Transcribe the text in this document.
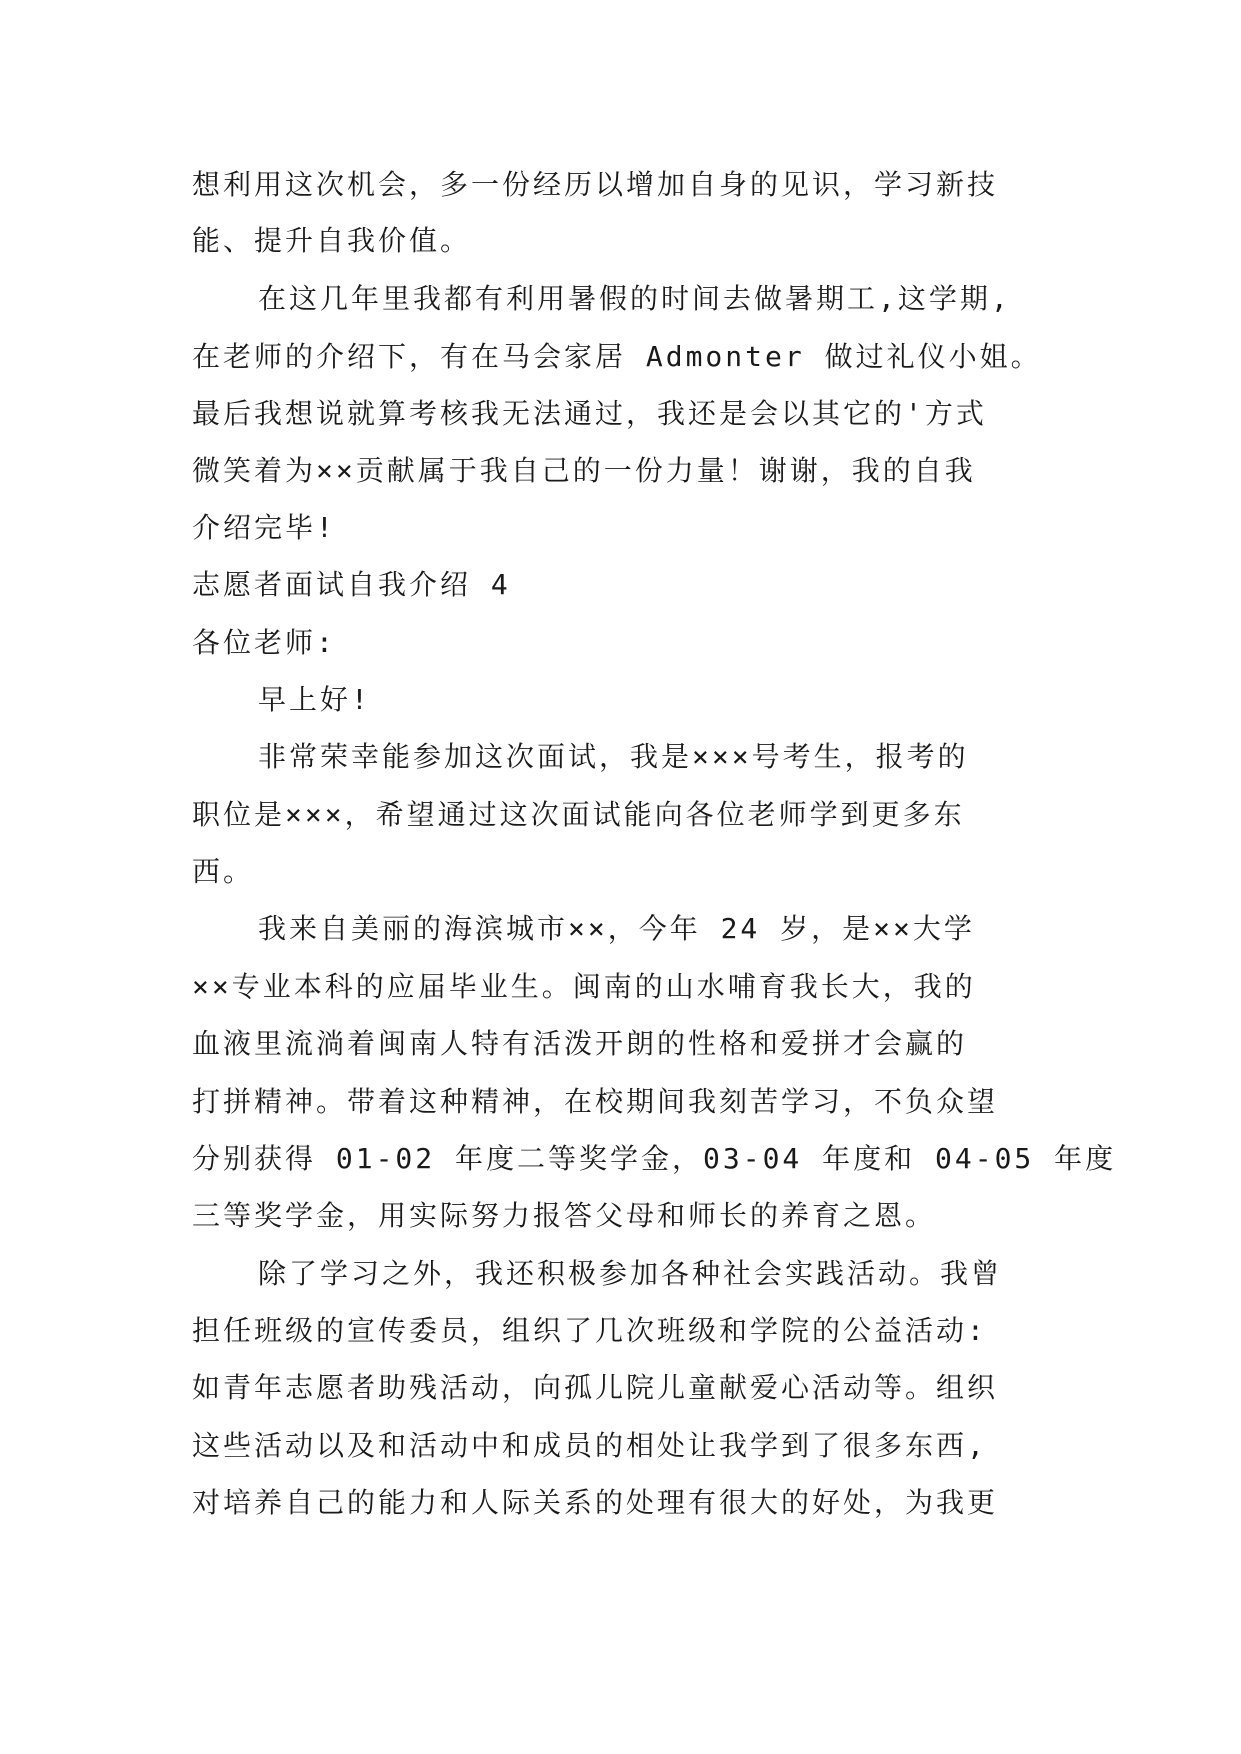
想利用这次机会，多一份经历以增加自身的见识，学习新技
能、提升自我价值。
在这几年里我都有利用暑假的时间去做暑期工,这学期,
在老师的介绍下，有在马会家居 Admonter 做过礼仪小姐。
最后我想说就算考核我无法通过，我还是会以其它的'方式
微笑着为××贡献属于我自己的一份力量！谢谢，我的自我
介绍完毕!
志愿者面试自我介绍 4
各位老师:
早上好!
非常荣幸能参加这次面试，我是×××号考生，报考的
职位是×××，希望通过这次面试能向各位老师学到更多东
西。
我来自美丽的海滨城市××，今年 24 岁，是××大学
××专业本科的应届毕业生。闽南的山水哺育我长大，我的
血液里流淌着闽南人特有活泼开朗的性格和爱拼才会赢的
打拼精神。带着这种精神，在校期间我刻苦学习，不负众望
分别获得 01-02 年度二等奖学金，03-04 年度和 04-05 年度
三等奖学金，用实际努力报答父母和师长的养育之恩。
除了学习之外，我还积极参加各种社会实践活动。我曾
担任班级的宣传委员，组织了几次班级和学院的公益活动:
如青年志愿者助残活动，向孤儿院儿童献爱心活动等。组织
这些活动以及和活动中和成员的相处让我学到了很多东西,
对培养自己的能力和人际关系的处理有很大的好处，为我更
